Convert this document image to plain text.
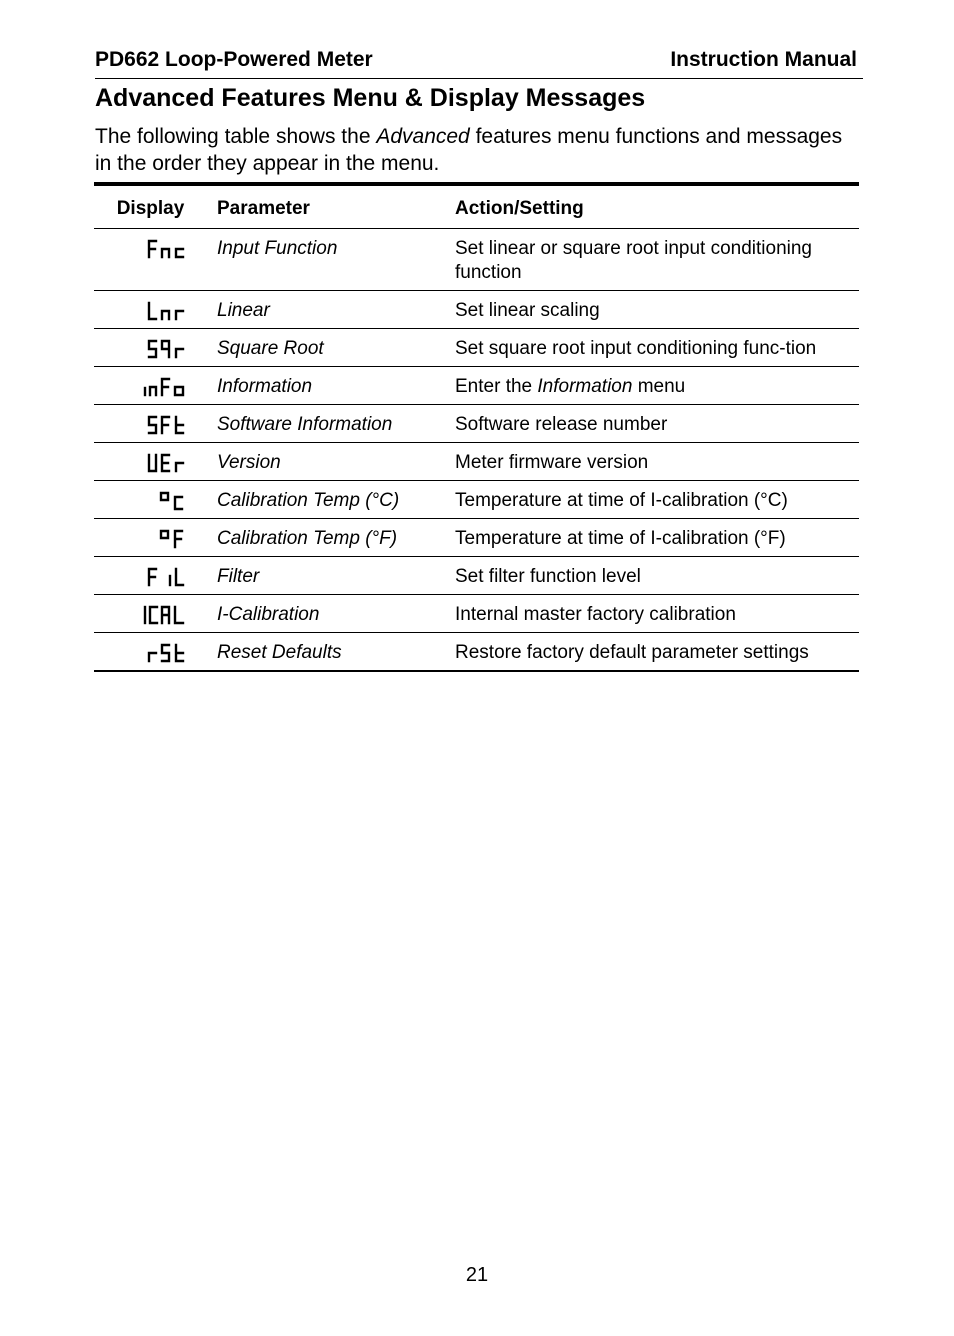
PD662 Loop-Powered Meter	Instruction Manual
Advanced Features Menu & Display Messages
The following table shows the Advanced features menu functions and messages in the order they appear in the menu.
Display	Parameter	Action/Setting
	Input Function	Set linear or square root input conditioning function
	Linear	Set linear scaling
	Square Root	Set square root input conditioning func-tion
	Information	Enter the Information menu
	Software Information	Software release number
	Version	Meter firmware version
	Calibration Temp (°C)	Temperature at time of I-calibration (°C)
	Calibration Temp (°F)	Temperature at time of I-calibration (°F)
	Filter	Set filter function level
	I-Calibration	Internal master factory calibration
	Reset Defaults	Restore factory default parameter settings
21
